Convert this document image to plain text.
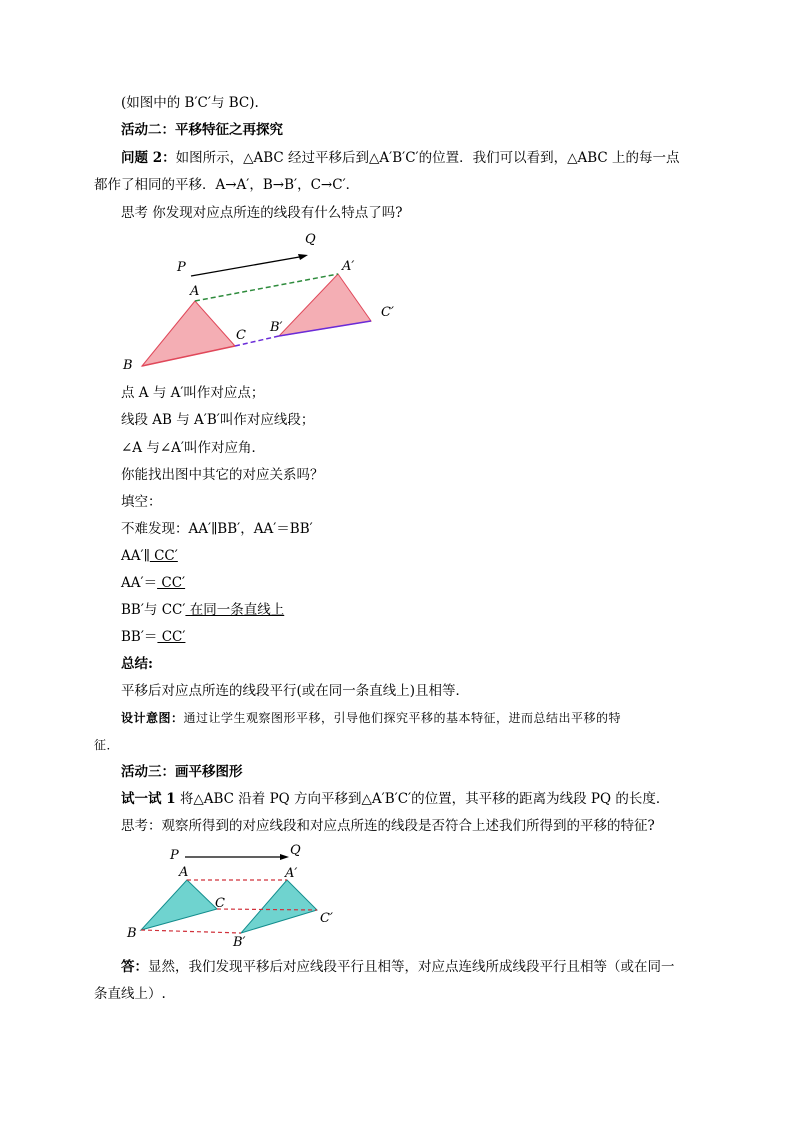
(如图中的 B′C′与 BC).
活动二：平移特征之再探究
问题 2：如图所示，△ABC 经过平移后到△A′B′C′的位置．我们可以看到，△ABC 上的每一点
都作了相同的平移．A→A′，B→B′，C→C′．
思考 你发现对应点所连的线段有什么特点了吗?
P
Q
A
B
C
A′
B′
C′
点 A 与 A′叫作对应点；
线段 AB 与 A′B′叫作对应线段；
∠A 与∠A′叫作对应角．
你能找出图中其它的对应关系吗？
填空：
不难发现：AA′∥BB′，AA′＝BB′
AA′∥ CC′
AA′＝ CC′
BB′与 CC′ 在同一条直线上
BB′＝ CC′
总结:
平移后对应点所连的线段平行(或在同一条直线上)且相等．
设计意图：通过让学生观察图形平移，引导他们探究平移的基本特征，进而总结出平移的特
征．
活动三：画平移图形
试一试 1 将△ABC 沿着 PQ 方向平移到△A′B′C′的位置，其平移的距离为线段 PQ 的长度．
思考：观察所得到的对应线段和对应点所连的线段是否符合上述我们所得到的平移的特征?
P	Q
A
B
C
A′
B′
C′
答：显然，我们发现平移后对应线段平行且相等，对应点连线所成线段平行且相等（或在同一
条直线上）.
